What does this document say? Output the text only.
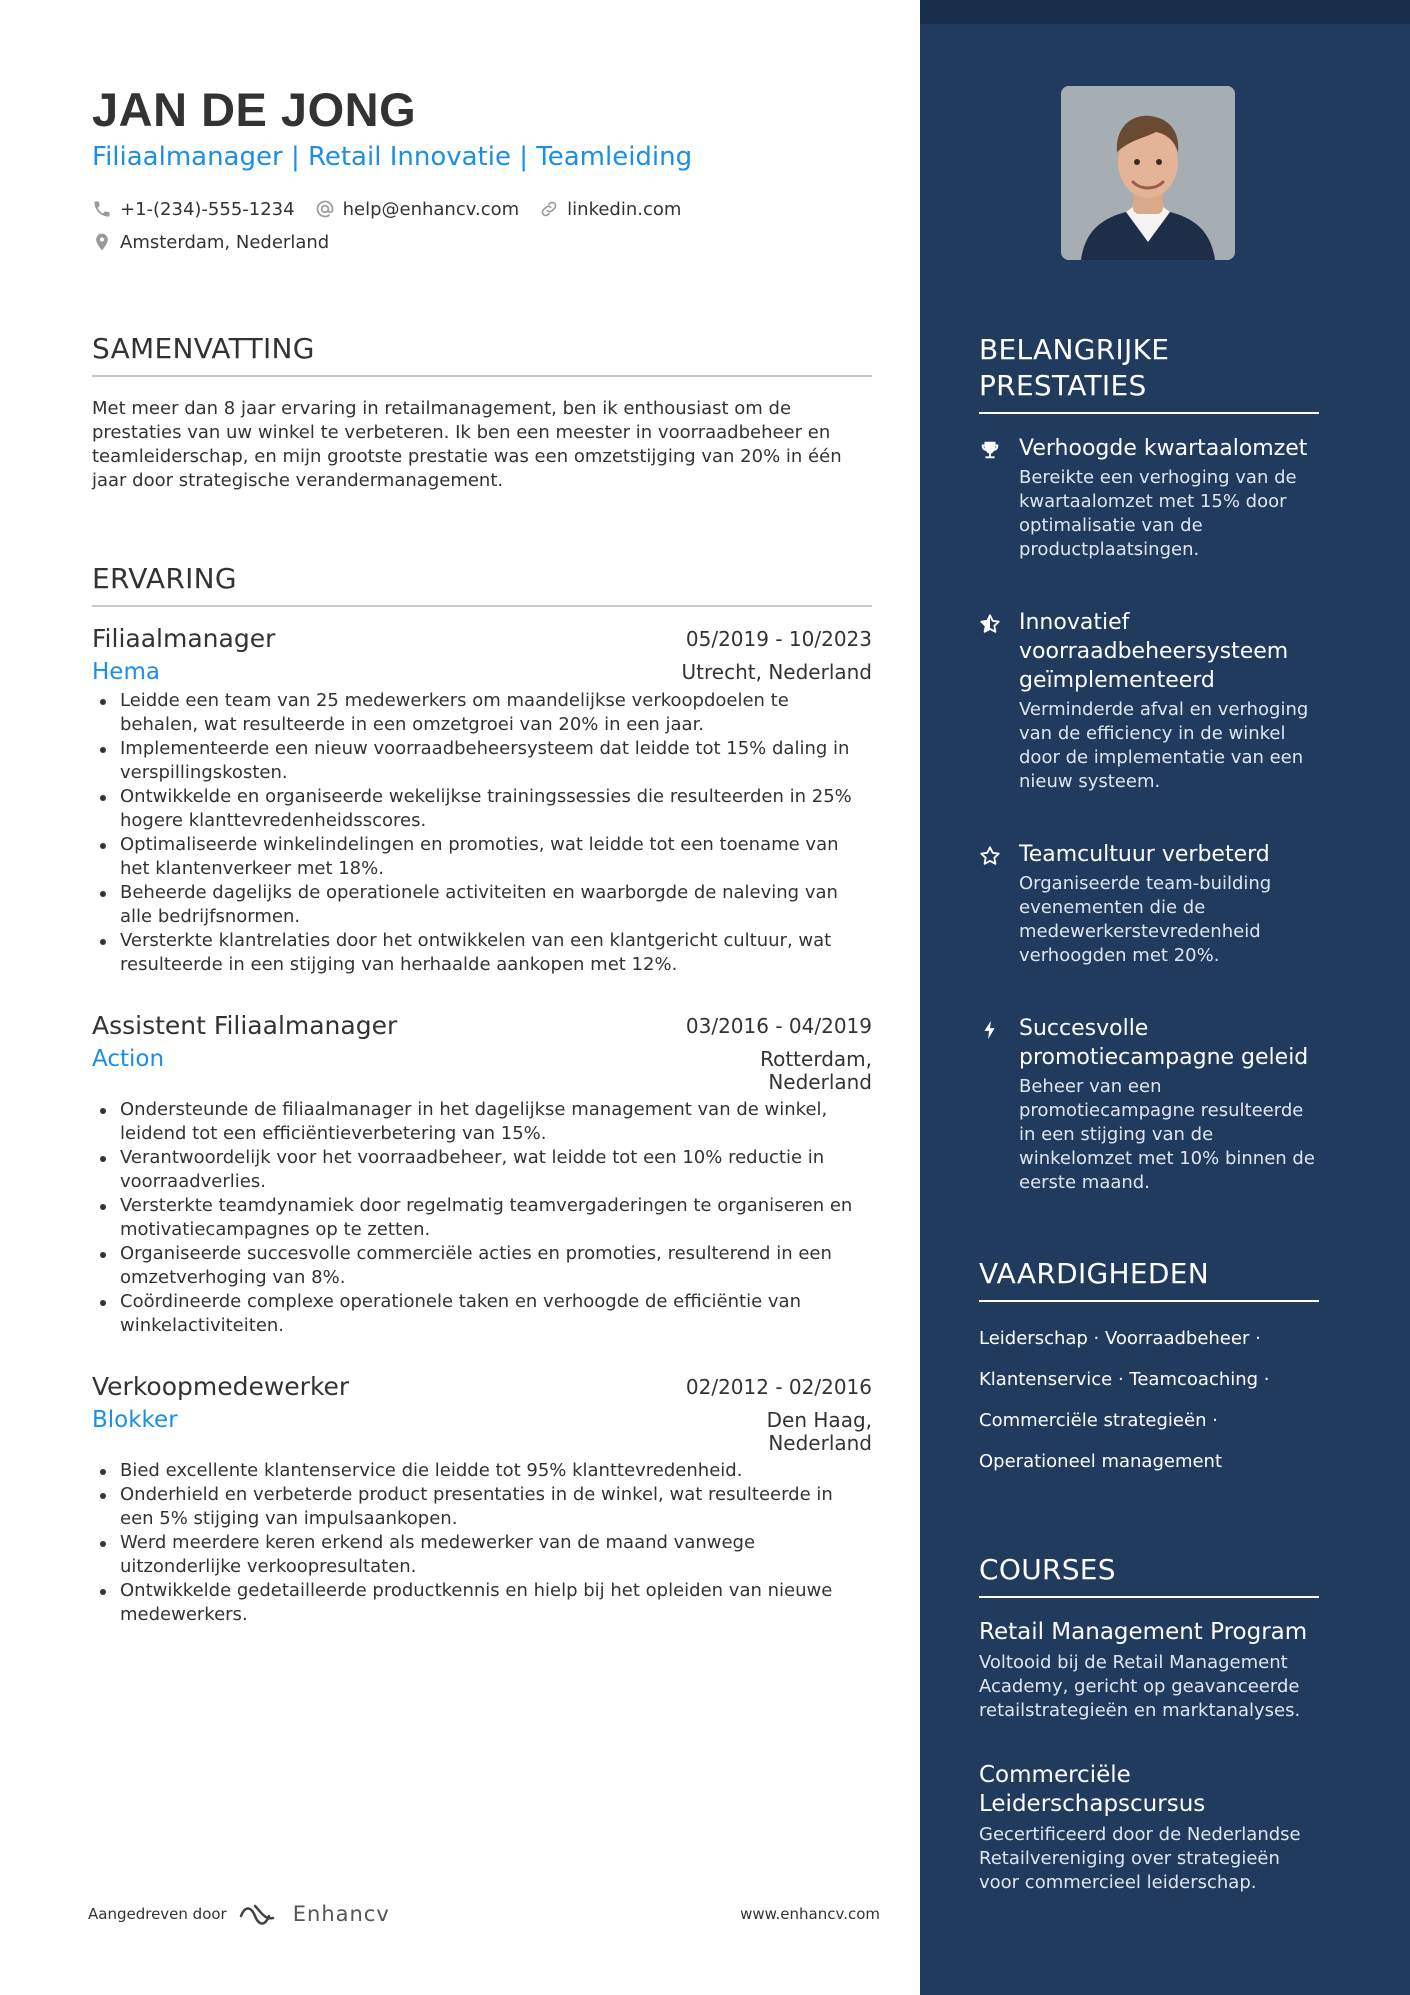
JAN DE JONG
Filiaalmanager | Retail Innovatie | Teamleiding
+1-(234)-555-1234	help@enhancv.com	linkedin.com
Amsterdam, Nederland
SAMENVATTING
Met meer dan 8 jaar ervaring in retailmanagement, ben ik enthousiast om de prestaties van uw winkel te verbeteren. Ik ben een meester in voorraadbeheer en teamleiderschap, en mijn grootste prestatie was een omzetstijging van 20% in één jaar door strategische verandermanagement.
ERVARING
Filiaalmanager	05/2019 - 10/2023
Hema	Utrecht, Nederland
Leidde een team van 25 medewerkers om maandelijkse verkoopdoelen te behalen, wat resulteerde in een omzetgroei van 20% in een jaar.
Implementeerde een nieuw voorraadbeheersysteem dat leidde tot 15% daling in verspillingskosten.
Ontwikkelde en organiseerde wekelijkse trainingssessies die resulteerden in 25% hogere klanttevredenheidsscores.
Optimaliseerde winkelindelingen en promoties, wat leidde tot een toename van het klantenverkeer met 18%.
Beheerde dagelijks de operationele activiteiten en waarborgde de naleving van alle bedrijfsnormen.
Versterkte klantrelaties door het ontwikkelen van een klantgericht cultuur, wat resulteerde in een stijging van herhaalde aankopen met 12%.
Assistent Filiaalmanager	03/2016 - 04/2019
Action	Rotterdam,
Nederland
Ondersteunde de filiaalmanager in het dagelijkse management van de winkel, leidend tot een efficiëntieverbetering van 15%.
Verantwoordelijk voor het voorraadbeheer, wat leidde tot een 10% reductie in voorraadverlies.
Versterkte teamdynamiek door regelmatig teamvergaderingen te organiseren en motivatiecampagnes op te zetten.
Organiseerde succesvolle commerciële acties en promoties, resulterend in een omzetverhoging van 8%.
Coördineerde complexe operationele taken en verhoogde de efficiëntie van winkelactiviteiten.
Verkoopmedewerker	02/2012 - 02/2016
Blokker	Den Haag,
Nederland
Bied excellente klantenservice die leidde tot 95% klanttevredenheid.
Onderhield en verbeterde product presentaties in de winkel, wat resulteerde in een 5% stijging van impulsaankopen.
Werd meerdere keren erkend als medewerker van de maand vanwege uitzonderlijke verkoopresultaten.
Ontwikkelde gedetailleerde productkennis en hielp bij het opleiden van nieuwe medewerkers.
Aangedreven door	Enhancv	www.enhancv.com
BELANGRIJKE PRESTATIES
Verhoogde kwartaalomzet
Bereikte een verhoging van de kwartaalomzet met 15% door optimalisatie van de productplaatsingen.
Innovatief voorraadbeheersysteem geïmplementeerd
Verminderde afval en verhoging van de efficiency in de winkel door de implementatie van een nieuw systeem.
Teamcultuur verbeterd
Organiseerde team-building evenementen die de medewerkerstevredenheid verhoogden met 20%.
Succesvolle promotiecampagne geleid
Beheer van een promotiecampagne resulteerde in een stijging van de winkelomzet met 10% binnen de eerste maand.
VAARDIGHEDEN
Leiderschap · Voorraadbeheer ·
Klantenservice · Teamcoaching ·
Commerciële strategieën ·
Operationeel management
COURSES
Retail Management Program
Voltooid bij de Retail Management Academy, gericht op geavanceerde retailstrategieën en marktanalyses.
Commerciële Leiderschapscursus
Gecertificeerd door de Nederlandse Retailvereniging over strategieën voor commercieel leiderschap.
